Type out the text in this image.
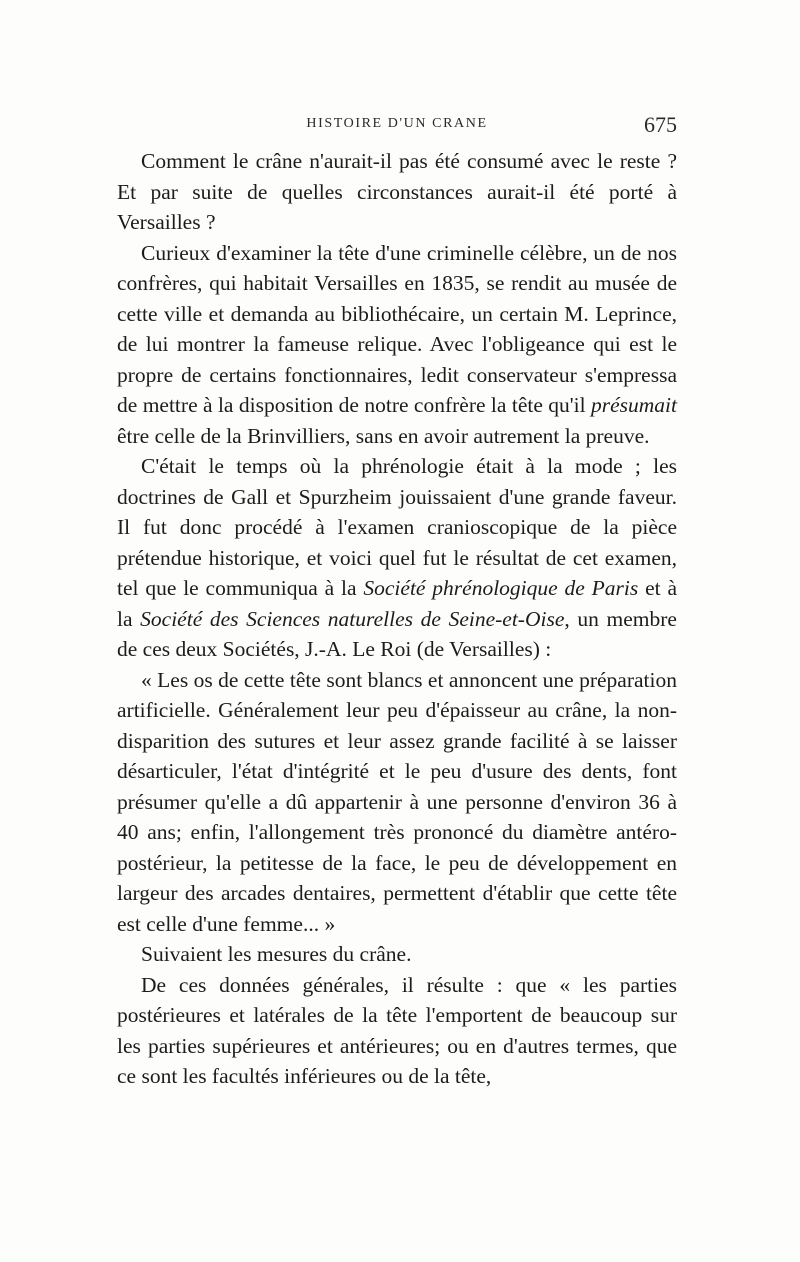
HISTOIRE D'UN CRANE	675

Comment le crâne n'aurait-il pas été consumé avec le reste ? Et par suite de quelles circonstances aurait-il été porté à Versailles ?

Curieux d'examiner la tête d'une criminelle célèbre, un de nos confrères, qui habitait Versailles en 1835, se rendit au musée de cette ville et demanda au bibliothécaire, un certain M. Leprince, de lui montrer la fameuse relique. Avec l'obligeance qui est le propre de certains fonctionnaires, ledit conservateur s'empressa de mettre à la disposition de notre confrère la tête qu'il présumait être celle de la Brinvilliers, sans en avoir autrement la preuve.

C'était le temps où la phrénologie était à la mode ; les doctrines de Gall et Spurzheim jouissaient d'une grande faveur. Il fut donc procédé à l'examen cranioscopique de la pièce prétendue historique, et voici quel fut le résultat de cet examen, tel que le communiqua à la Société phrénologique de Paris et à la Société des Sciences naturelles de Seine-et-Oise, un membre de ces deux Sociétés, J.-A. Le Roi (de Versailles) :

« Les os de cette tête sont blancs et annoncent une préparation artificielle. Généralement leur peu d'épaisseur au crâne, la non-disparition des sutures et leur assez grande facilité à se laisser désarticuler, l'état d'intégrité et le peu d'usure des dents, font présumer qu'elle a dû appartenir à une personne d'environ 36 à 40 ans; enfin, l'allongement très prononcé du diamètre antéro-postérieur, la petitesse de la face, le peu de développement en largeur des arcades dentaires, permettent d'établir que cette tête est celle d'une femme... »

Suivaient les mesures du crâne.

De ces données générales, il résulte : que « les parties postérieures et latérales de la tête l'emportent de beaucoup sur les parties supérieures et antérieures; ou en d'autres termes, que ce sont les facultés inférieures ou de la tête,
